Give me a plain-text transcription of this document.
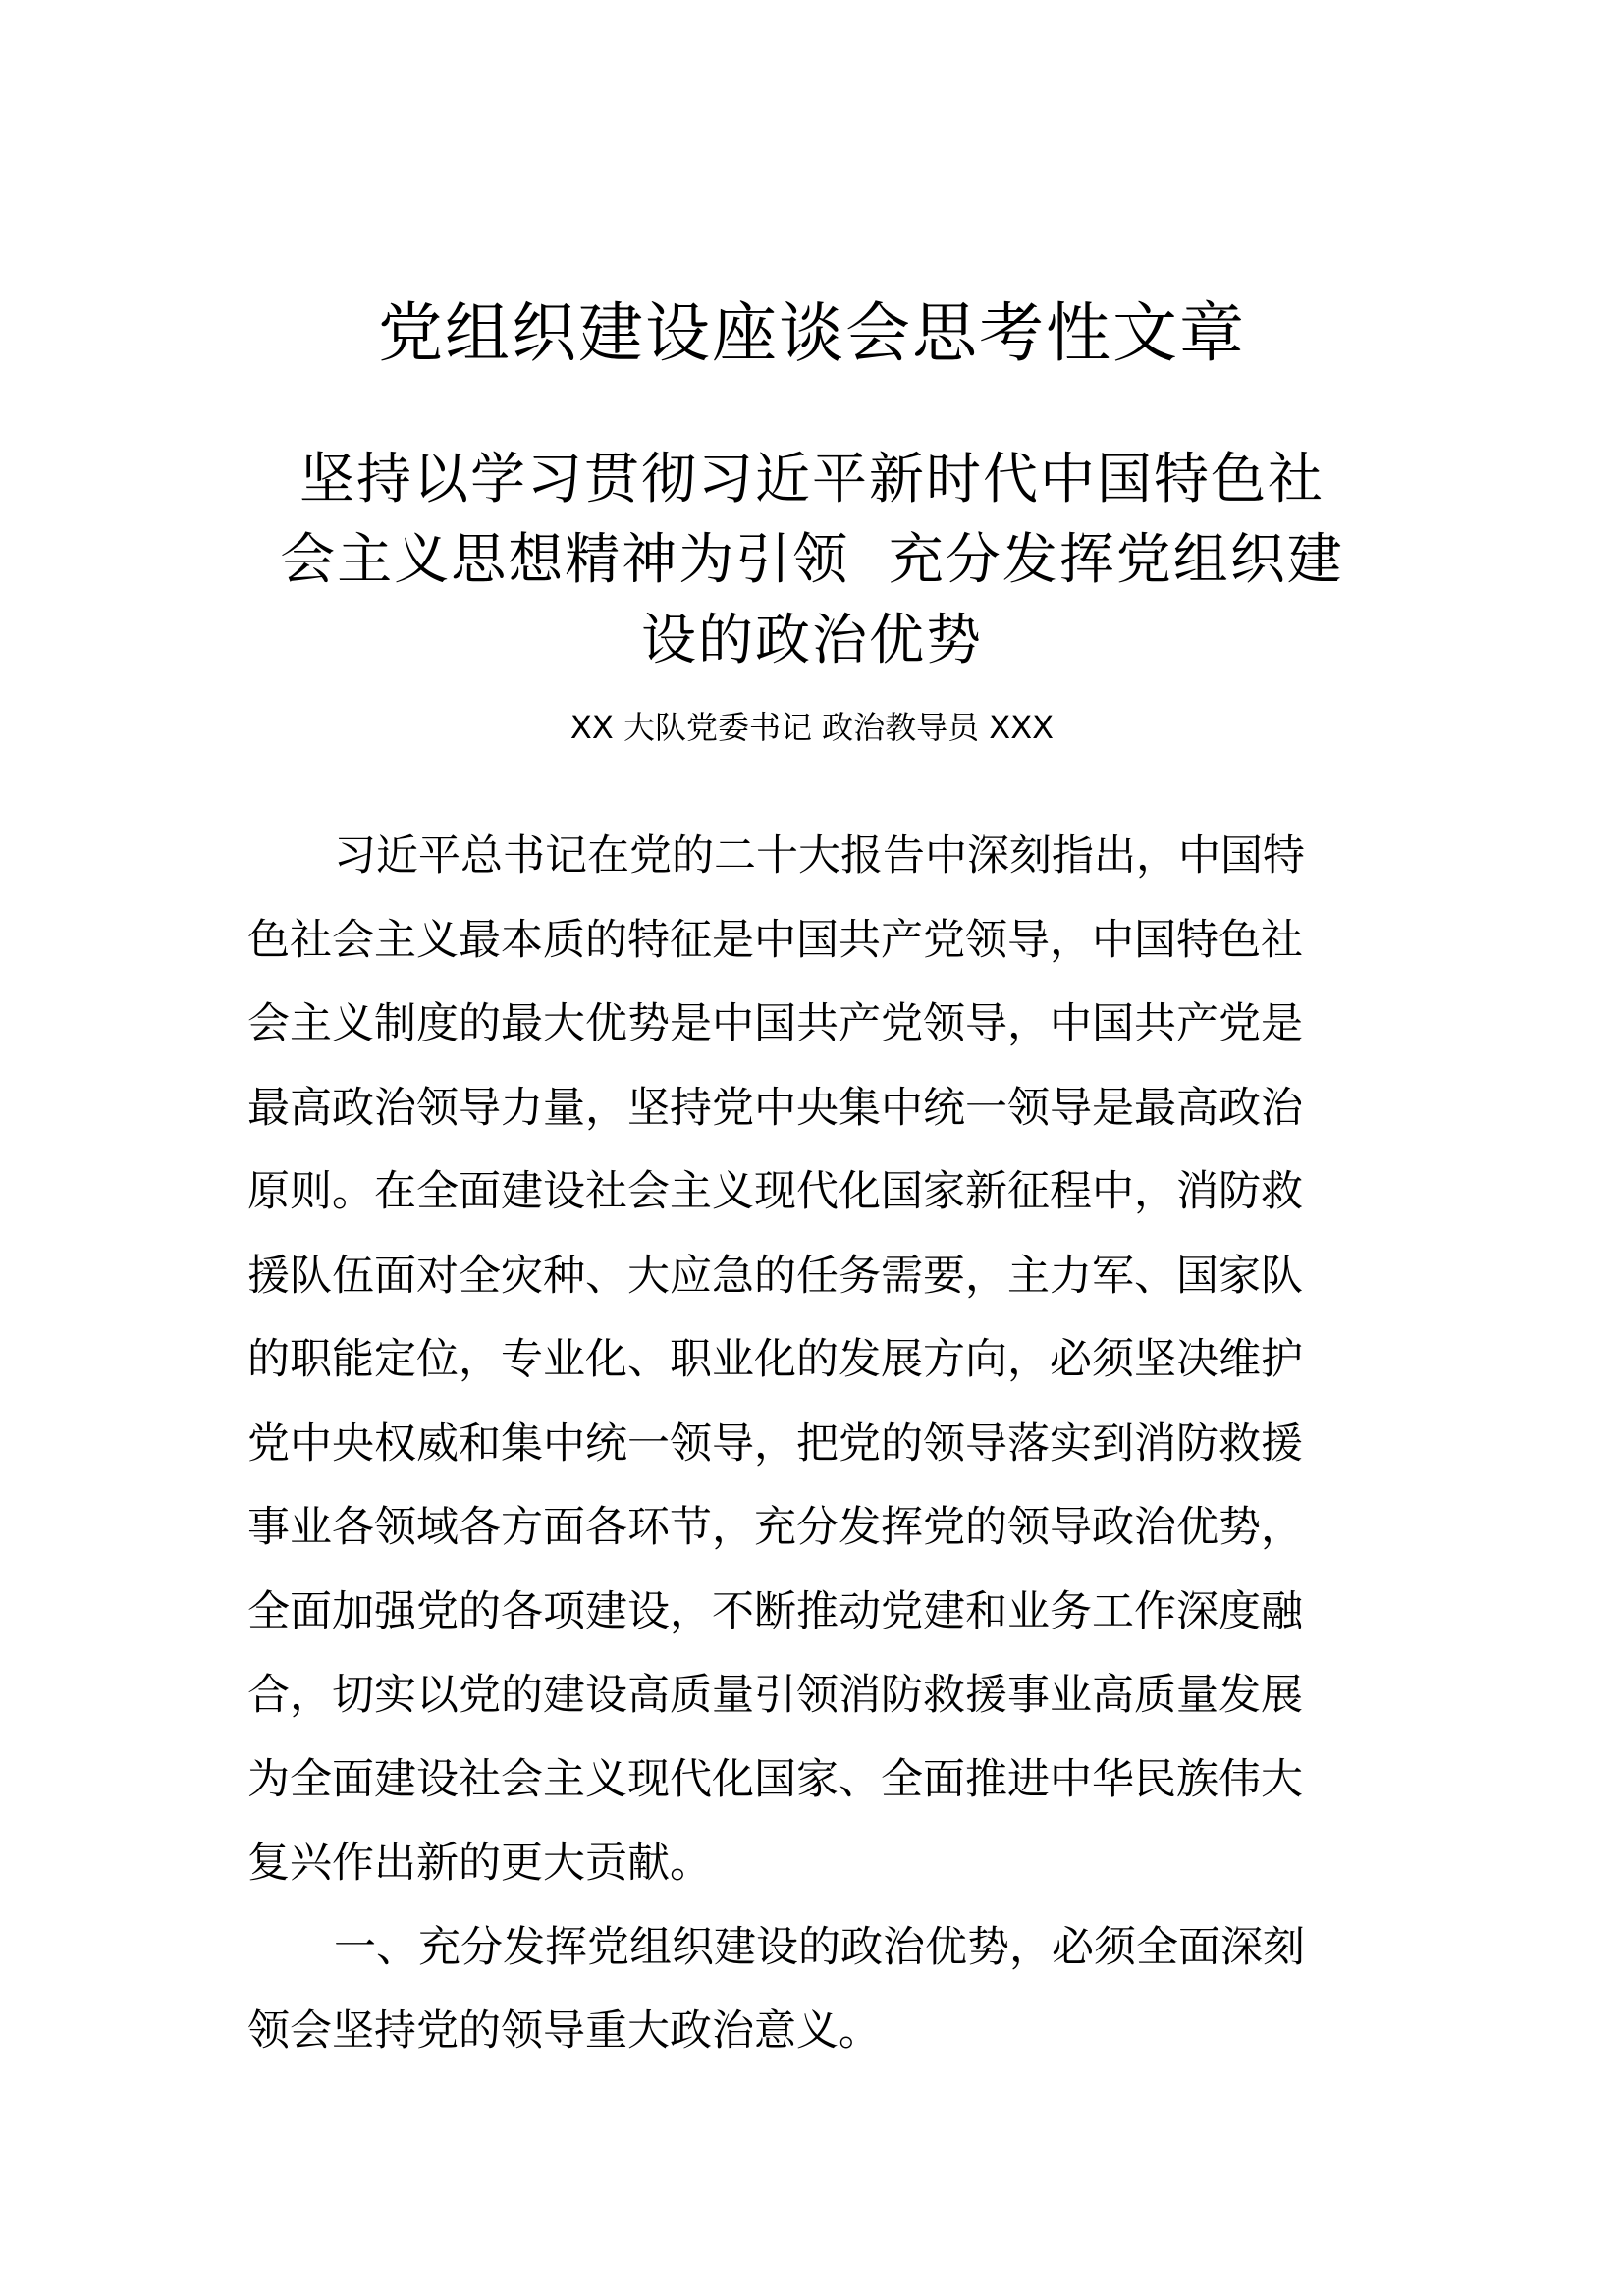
党组织建设座谈会思考性文章
坚持以学习贯彻习近平新时代中国特色社
会主义思想精神为引领  充分发挥党组织建
设的政治优势

XX 大队党委书记 政治教导员 XXX

习近平总书记在党的二十大报告中深刻指出，中国特
色社会主义最本质的特征是中国共产党领导，中国特色社
会主义制度的最大优势是中国共产党领导，中国共产党是
最高政治领导力量，坚持党中央集中统一领导是最高政治
原则。在全面建设社会主义现代化国家新征程中，消防救
援队伍面对全灾种、大应急的任务需要，主力军、国家队
的职能定位，专业化、职业化的发展方向，必须坚决维护
党中央权威和集中统一领导，把党的领导落实到消防救援
事业各领域各方面各环节，充分发挥党的领导政治优势，
全面加强党的各项建设，不断推动党建和业务工作深度融
合，切实以党的建设高质量引领消防救援事业高质量发展
为全面建设社会主义现代化国家、全面推进中华民族伟大
复兴作出新的更大贡献。
一、充分发挥党组织建设的政治优势，必须全面深刻
领会坚持党的领导重大政治意义。
